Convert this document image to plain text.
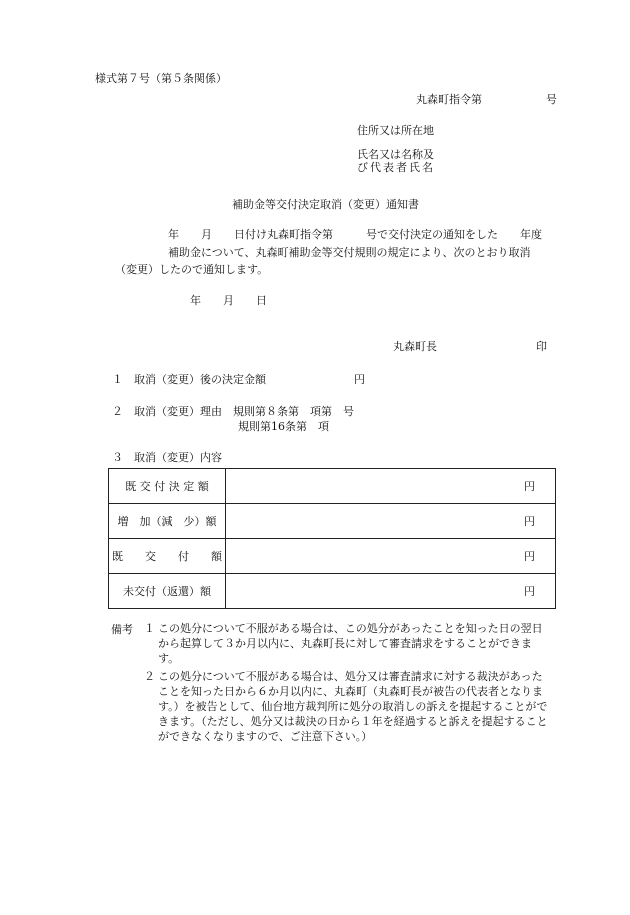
様式第７号（第５条関係）
丸森町指令第	号
住所又は所在地
氏名又は名称及
び代表者氏名
補助金等交付決定取消（変更）通知書
年　　月　　日付け丸森町指令第　　　号で交付決定の通知をした　　年度
補助金について、丸森町補助金等交付規則の規定により、次のとおり取消
（変更）したので通知します。
年　　月　　日
丸森町長	印
１　取消（変更）後の決定金額　　　　　　　　円
２　取消（変更）理由　規則第８条第　項第　号
規則第16条第　項
３　取消（変更）内容
既 交 付 決 定 額	円
増　加（減　少）額	円
既　　交　　付　　額	円
未交付（返還）額	円
備考 １ この処分について不服がある場合は、この処分があったことを知った日の翌日から起算して３か月以内に、丸森町長に対して審査請求をすることができます。
２ この処分について不服がある場合は、処分又は審査請求に対する裁決があったことを知った日から６か月以内に、丸森町（丸森町長が被告の代表者となります。）を被告として、仙台地方裁判所に処分の取消しの訴えを提起することができます。（ただし、処分又は裁決の日から１年を経過すると訴えを提起することができなくなりますので、ご注意下さい。）
